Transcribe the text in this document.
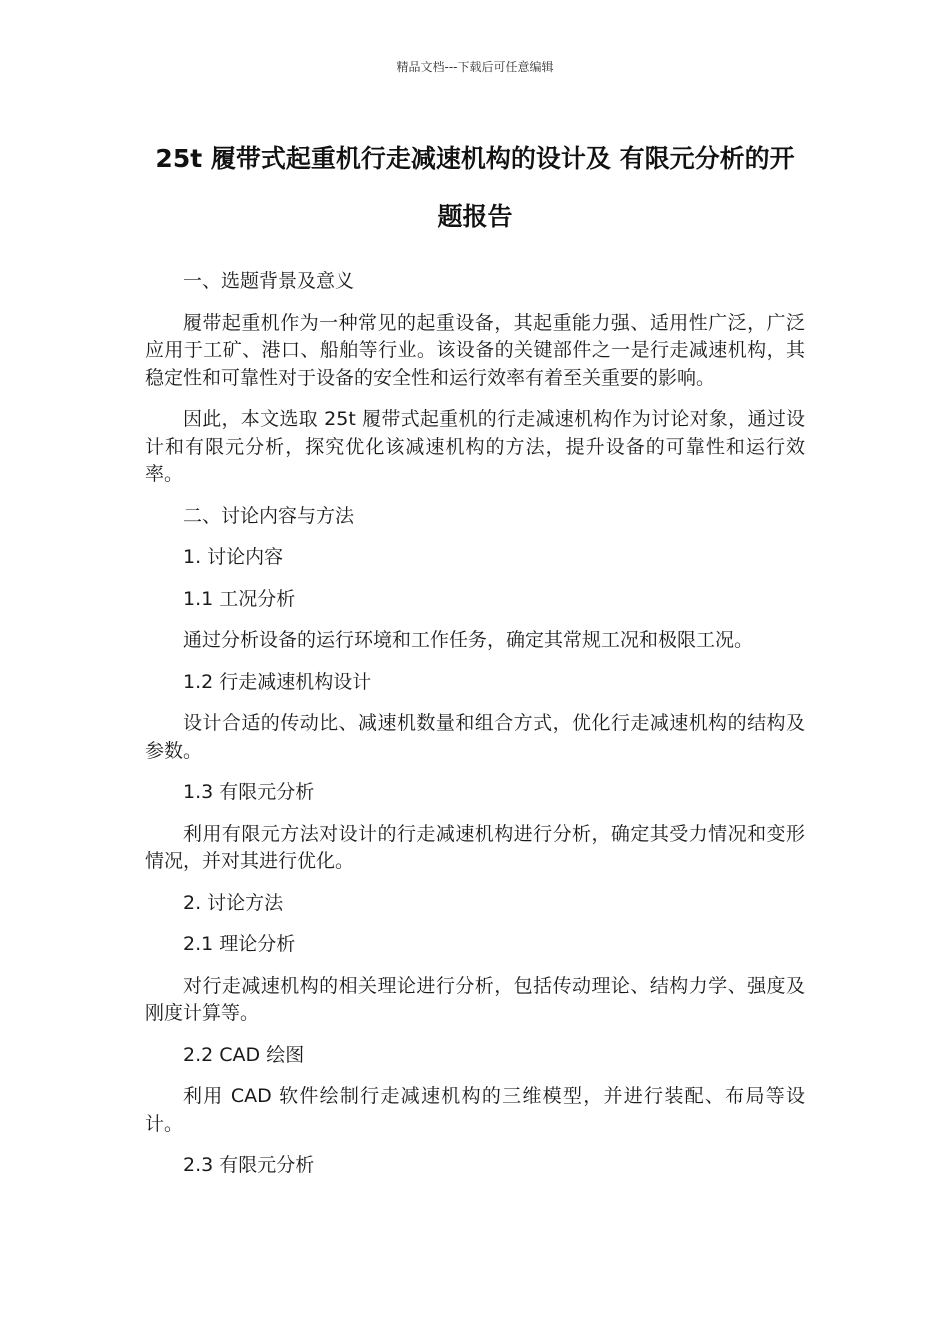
精品文档---下载后可任意编辑
25t 履带式起重机行走减速机构的设计及 有限元分析的开题报告

一、选题背景及意义

履带起重机作为一种常见的起重设备，其起重能力强、适用性广泛，广泛应用于工矿、港口、船舶等行业。该设备的关键部件之一是行走减速机构，其稳定性和可靠性对于设备的安全性和运行效率有着至关重要的影响。

因此，本文选取 25t 履带式起重机的行走减速机构作为讨论对象，通过设计和有限元分析，探究优化该减速机构的方法，提升设备的可靠性和运行效率。

二、讨论内容与方法

1. 讨论内容

1.1 工况分析

通过分析设备的运行环境和工作任务，确定其常规工况和极限工况。

1.2 行走减速机构设计

设计合适的传动比、减速机数量和组合方式，优化行走减速机构的结构及参数。

1.3 有限元分析

利用有限元方法对设计的行走减速机构进行分析，确定其受力情况和变形情况，并对其进行优化。

2. 讨论方法

2.1 理论分析

对行走减速机构的相关理论进行分析，包括传动理论、结构力学、强度及刚度计算等。

2.2 CAD 绘图

利用 CAD 软件绘制行走减速机构的三维模型，并进行装配、布局等设计。

2.3 有限元分析
